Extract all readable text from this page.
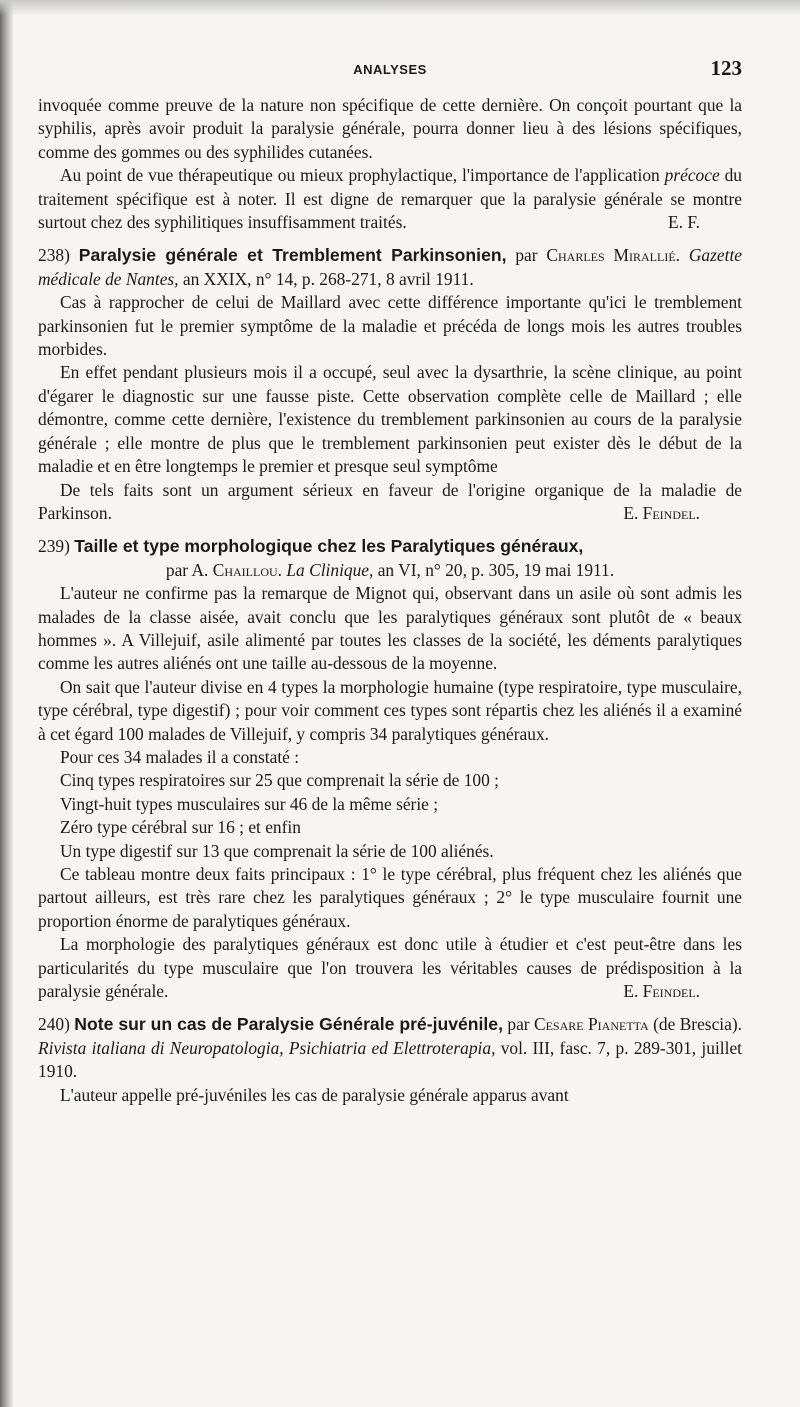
ANALYSES	123

invoquée comme preuve de la nature non spécifique de cette dernière. On conçoit pourtant que la syphilis, après avoir produit la paralysie générale, pourra donner lieu à des lésions spécifiques, comme des gommes ou des syphilides cutanées.

Au point de vue thérapeutique ou mieux prophylactique, l'importance de l'application précoce du traitement spécifique est à noter. Il est digne de remarquer que la paralysie générale se montre surtout chez des syphilitiques insuffisamment traités.	E. F.

238) Paralysie générale et Tremblement Parkinsonien, par Charles Mirallié. Gazette médicale de Nantes, an XXIX, n° 14, p. 268-271, 8 avril 1911.

Cas à rapprocher de celui de Maillard avec cette différence importante qu'ici le tremblement parkinsonien fut le premier symptôme de la maladie et précéda de longs mois les autres troubles morbides.

En effet pendant plusieurs mois il a occupé, seul avec la dysarthrie, la scène clinique, au point d'égarer le diagnostic sur une fausse piste. Cette observation complète celle de Maillard ; elle démontre, comme cette dernière, l'existence du tremblement parkinsonien au cours de la paralysie générale ; elle montre de plus que le tremblement parkinsonien peut exister dès le début de la maladie et en être longtemps le premier et presque seul symptôme

De tels faits sont un argument sérieux en faveur de l'origine organique de la maladie de Parkinson.	E. Feindel.

239) Taille et type morphologique chez les Paralytiques généraux,

par A. Chaillou. La Clinique, an VI, n° 20, p. 305, 19 mai 1911.

L'auteur ne confirme pas la remarque de Mignot qui, observant dans un asile où sont admis les malades de la classe aisée, avait conclu que les paralytiques généraux sont plutôt de « beaux hommes ». A Villejuif, asile alimenté par toutes les classes de la société, les déments paralytiques comme les autres aliénés ont une taille au-dessous de la moyenne.

On sait que l'auteur divise en 4 types la morphologie humaine (type respiratoire, type musculaire, type cérébral, type digestif) ; pour voir comment ces types sont répartis chez les aliénés il a examiné à cet égard 100 malades de Villejuif, y compris 34 paralytiques généraux.

Pour ces 34 malades il a constaté :

Cinq types respiratoires sur 25 que comprenait la série de 100 ;

Vingt-huit types musculaires sur 46 de la même série ;

Zéro type cérébral sur 16 ; et enfin

Un type digestif sur 13 que comprenait la série de 100 aliénés.

Ce tableau montre deux faits principaux : 1° le type cérébral, plus fréquent chez les aliénés que partout ailleurs, est très rare chez les paralytiques généraux ; 2° le type musculaire fournit une proportion énorme de paralytiques généraux.

La morphologie des paralytiques généraux est donc utile à étudier et c'est peut-être dans les particularités du type musculaire que l'on trouvera les véritables causes de prédisposition à la paralysie générale.	E. Feindel.

240) Note sur un cas de Paralysie Générale pré-juvénile, par Cesare Pianetta (de Brescia). Rivista italiana di Neuropatologia, Psichiatria ed Elettroterapia, vol. III, fasc. 7, p. 289-301, juillet 1910.

L'auteur appelle pré-juvéniles les cas de paralysie générale apparus avant
